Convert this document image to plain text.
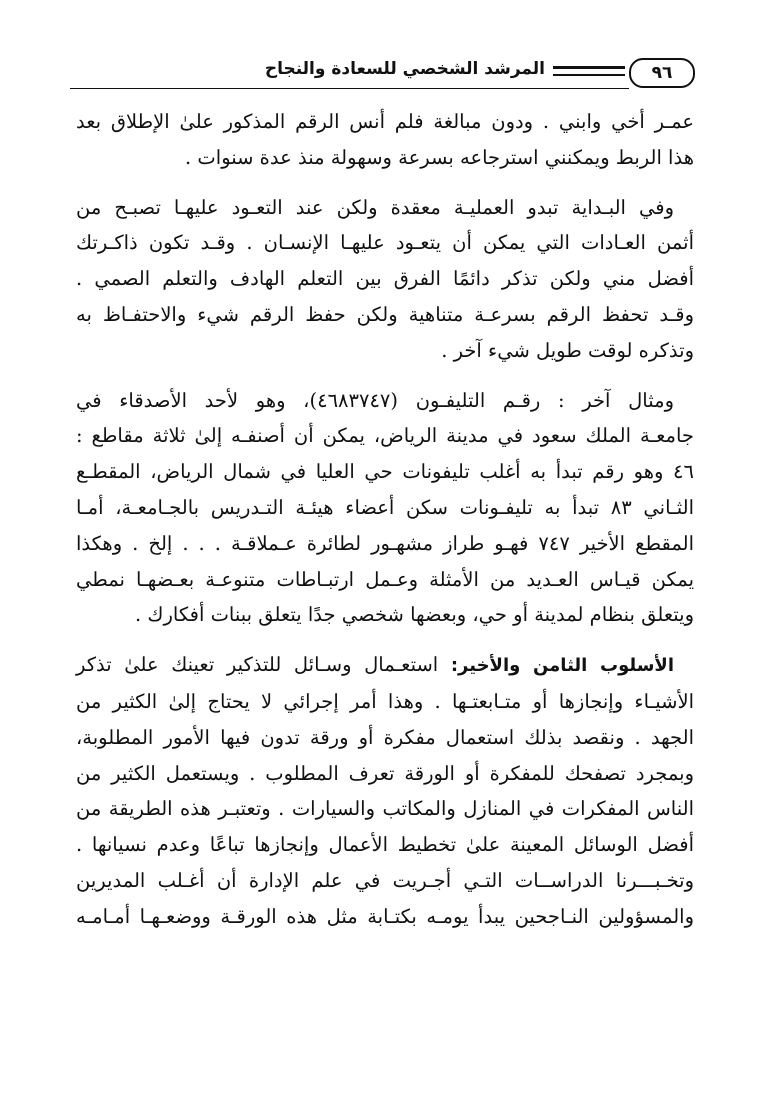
٩٦
المرشد الشخصي للسعادة والنجاح
عمـر أخي وابني . ودون مبالغة فلم أنس الرقم المذكور علىٰ الإطلاق بعد
هذا الربط ويمكنني استرجاعه بسرعة وسهولة منذ عدة سنوات .
وفي البـداية تبدو العمليـة معقدة ولكن عند التعـود عليهـا تصبـح من
أثمن العـادات التي يمكن أن يتعـود عليهـا الإنسـان . وقـد تكون ذاكـرتك
أفضل مني ولكن تذكر دائمًا الفرق بين التعلم الهادف والتعلم الصمي .
وقـد تحفظ الرقم بسرعـة متناهية ولكن حفظ الرقم شيء والاحتفـاظ به
وتذكره لوقت طويل شيء آخر .
ومثال آخر : رقـم التليفـون (٤٦٨٣٧٤٧)، وهو لأحد الأصدقاء في
جامعـة الملك سعود في مدينة الرياض، يمكن أن أصنفـه إلىٰ ثلاثة مقاطع :
٤٦ وهو رقم تبدأ به أغلب تليفونات حي العليا في شمال الرياض، المقطـع
الثـاني ٨٣ تبدأ به تليفـونات سكن أعضاء هيئـة التـدريس بالجـامعـة، أمـا
المقطع الأخير ٧٤٧ فهـو طراز مشهـور لطائرة عـملاقـة . . . إلخ . وهكذا
يمكن قيـاس العـديد من الأمثلة وعـمل ارتبـاطات متنوعـة بعـضهـا نمطي
ويتعلق بنظام لمدينة أو حي، وبعضها شخصي جدًا يتعلق ببنات أفكارك .
الأسلوب الثامن والأخير: استعـمال وسـائل للتذكير تعينك علىٰ تذكر
الأشيـاء وإنجازها أو متـابعتـها . وهذا أمر إجرائي لا يحتاج إلىٰ الكثير من
الجهد . ونقصد بذلك استعمال مفكرة أو ورقة تدون فيها الأمور المطلوبة،
وبمجرد تصفحك للمفكرة أو الورقة تعرف المطلوب . ويستعمل الكثير من
الناس المفكرات في المنازل والمكاتب والسيارات . وتعتبـر هذه الطريقة من
أفضل الوسائل المعينة علىٰ تخطيط الأعمال وإنجازها تباعًا وعدم نسيانها .
وتخـبـــرنا الدراســات التـي أجـريت في علم الإدارة أن أغـلب المديرين
والمسؤولين النـاجحين يبدأ يومـه بكتـابة مثل هذه الورقـة ووضعـهـا أمـامـه
